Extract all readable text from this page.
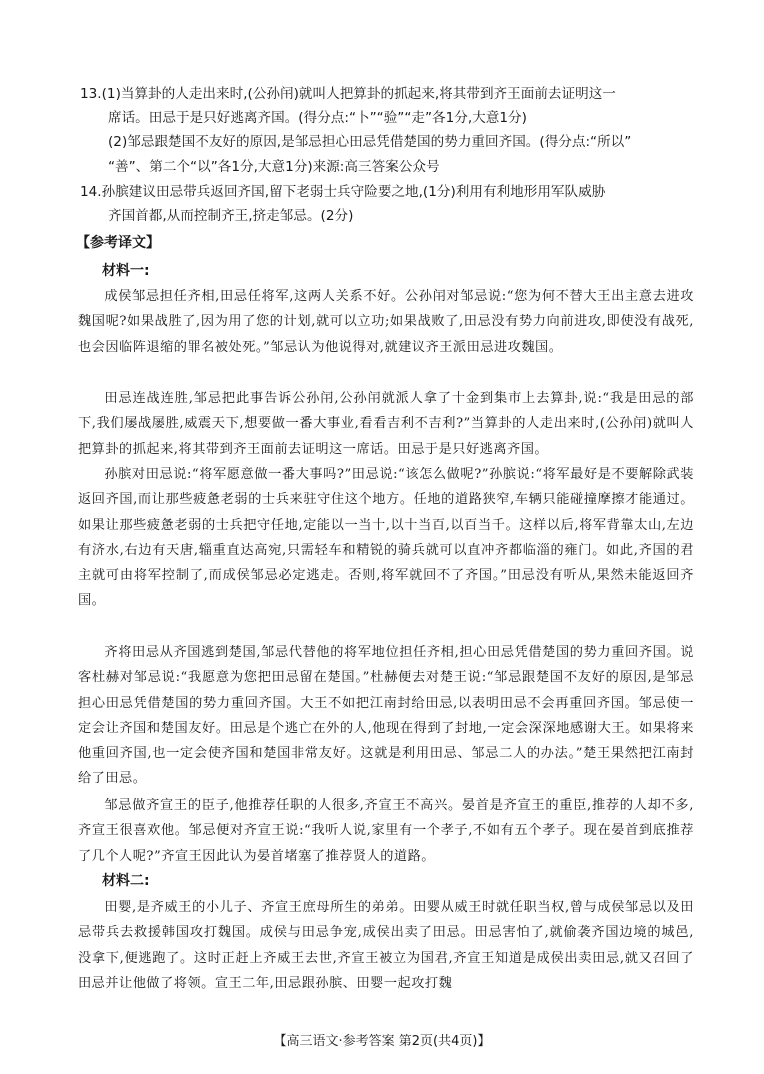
13.(1)当算卦的人走出来时,(公孙闬)就叫人把算卦的抓起来,将其带到齐王面前去证明这一

席话。田忌于是只好逃离齐国。(得分点:“卜”“验”“走”各1分,大意1分)

(2)邹忌跟楚国不友好的原因,是邹忌担心田忌凭借楚国的势力重回齐国。(得分点:“所以”

“善”、第二个“以”各1分,大意1分)来源:高三答案公众号

14.孙膑建议田忌带兵返回齐国,留下老弱士兵守险要之地,(1分)利用有利地形用军队威胁

齐国首都,从而控制齐王,挤走邹忌。(2分)

【参考译文】

材料一:

成侯邹忌担任齐相,田忌任将军,这两人关系不好。公孙闬对邹忌说:“您为何不替大王出主意去进攻魏国呢?如果战胜了,因为用了您的计划,就可以立功;如果战败了,田忌没有势力向前进攻,即使没有战死,也会因临阵退缩的罪名被处死。”邹忌认为他说得对,就建议齐王派田忌进攻魏国。

田忌连战连胜,邹忌把此事告诉公孙闬,公孙闬就派人拿了十金到集市上去算卦,说:“我是田忌的部下,我们屡战屡胜,威震天下,想要做一番大事业,看看吉利不吉利?”当算卦的人走出来时,(公孙闬)就叫人把算卦的抓起来,将其带到齐王面前去证明这一席话。田忌于是只好逃离齐国。

孙膑对田忌说:“将军愿意做一番大事吗?”田忌说:“该怎么做呢?”孙膑说:“将军最好是不要解除武装返回齐国,而让那些疲惫老弱的士兵来驻守住这个地方。任地的道路狭窄,车辆只能碰撞摩擦才能通过。如果让那些疲惫老弱的士兵把守任地,定能以一当十,以十当百,以百当千。这样以后,将军背靠太山,左边有济水,右边有天唐,辎重直达高宛,只需轻车和精锐的骑兵就可以直冲齐都临淄的雍门。如此,齐国的君主就可由将军控制了,而成侯邹忌必定逃走。否则,将军就回不了齐国。”田忌没有听从,果然未能返回齐国。

齐将田忌从齐国逃到楚国,邹忌代替他的将军地位担任齐相,担心田忌凭借楚国的势力重回齐国。说客杜赫对邹忌说:“我愿意为您把田忌留在楚国。”杜赫便去对楚王说:“邹忌跟楚国不友好的原因,是邹忌担心田忌凭借楚国的势力重回齐国。大王不如把江南封给田忌,以表明田忌不会再重回齐国。邹忌使一定会让齐国和楚国友好。田忌是个逃亡在外的人,他现在得到了封地,一定会深深地感谢大王。如果将来他重回齐国,也一定会使齐国和楚国非常友好。这就是利用田忌、邹忌二人的办法。”楚王果然把江南封给了田忌。

邹忌做齐宣王的臣子,他推荐任职的人很多,齐宣王不高兴。晏首是齐宣王的重臣,推荐的人却不多,齐宣王很喜欢他。邹忌便对齐宣王说:“我听人说,家里有一个孝子,不如有五个孝子。现在晏首到底推荐了几个人呢?”齐宣王因此认为晏首堵塞了推荐贤人的道路。

材料二:

田婴,是齐威王的小儿子、齐宣王庶母所生的弟弟。田婴从威王时就任职当权,曾与成侯邹忌以及田忌带兵去救援韩国攻打魏国。成侯与田忌争宠,成侯出卖了田忌。田忌害怕了,就偷袭齐国边境的城邑,没拿下,便逃跑了。这时正赶上齐威王去世,齐宣王被立为国君,齐宣王知道是成侯出卖田忌,就又召回了田忌并让他做了将领。宣王二年,田忌跟孙膑、田婴一起攻打魏

【高三语文·参考答案 第2页(共4页)】
